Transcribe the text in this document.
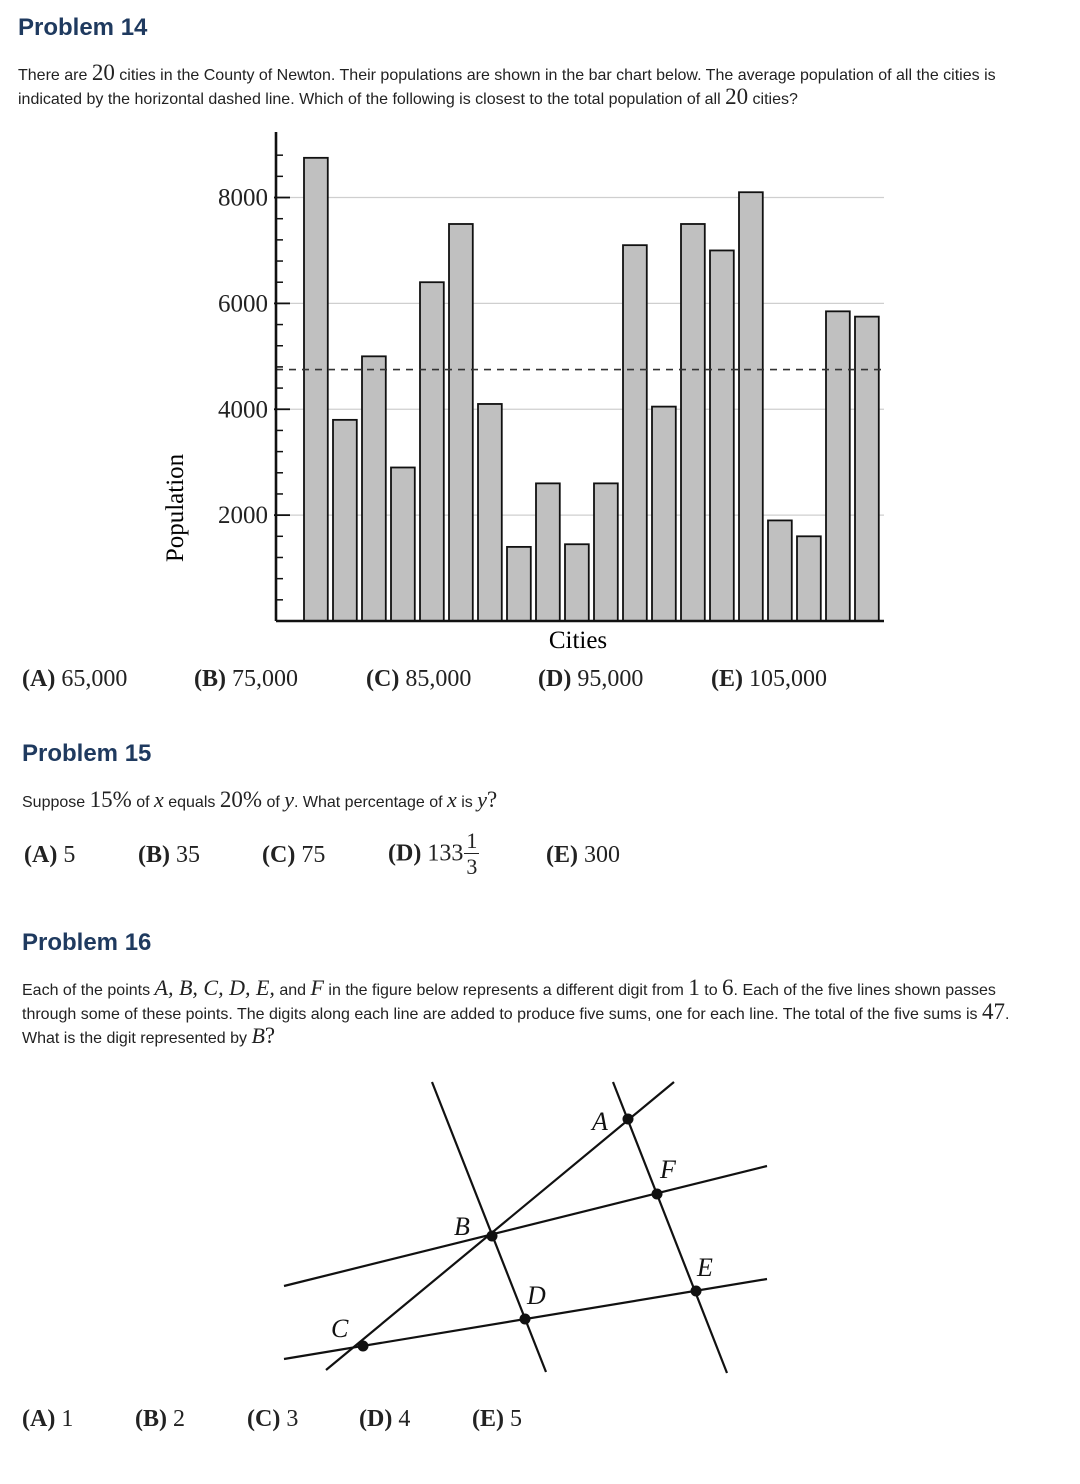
Problem 14
There are 20 cities in the County of Newton. Their populations are shown in the bar chart below. The average population of all the cities is indicated by the horizontal dashed line. Which of the following is closest to the total population of all 20 cities?
2000
4000
6000
8000
Population
Cities
(A) 65,000	(B) 75,000	(C) 85,000	(D) 95,000	(E) 105,000
Problem 15
Suppose 15% of x equals 20% of y. What percentage of x is y?
(A) 5	(B) 35	(C) 75	(D) $133 \frac{1}{3}$	(E) 300
Problem 16
Each of the points A, B, C, D, E, and F in the figure below represents a different digit from 1 to 6. Each of the five lines shown passes through some of these points. The digits along each line are added to produce five sums, one for each line. The total of the five sums is 47. What is the digit represented by B?
A
B
C
D
E
F
(A) 1	(B) 2	(C) 3	(D) 4	(E) 5
